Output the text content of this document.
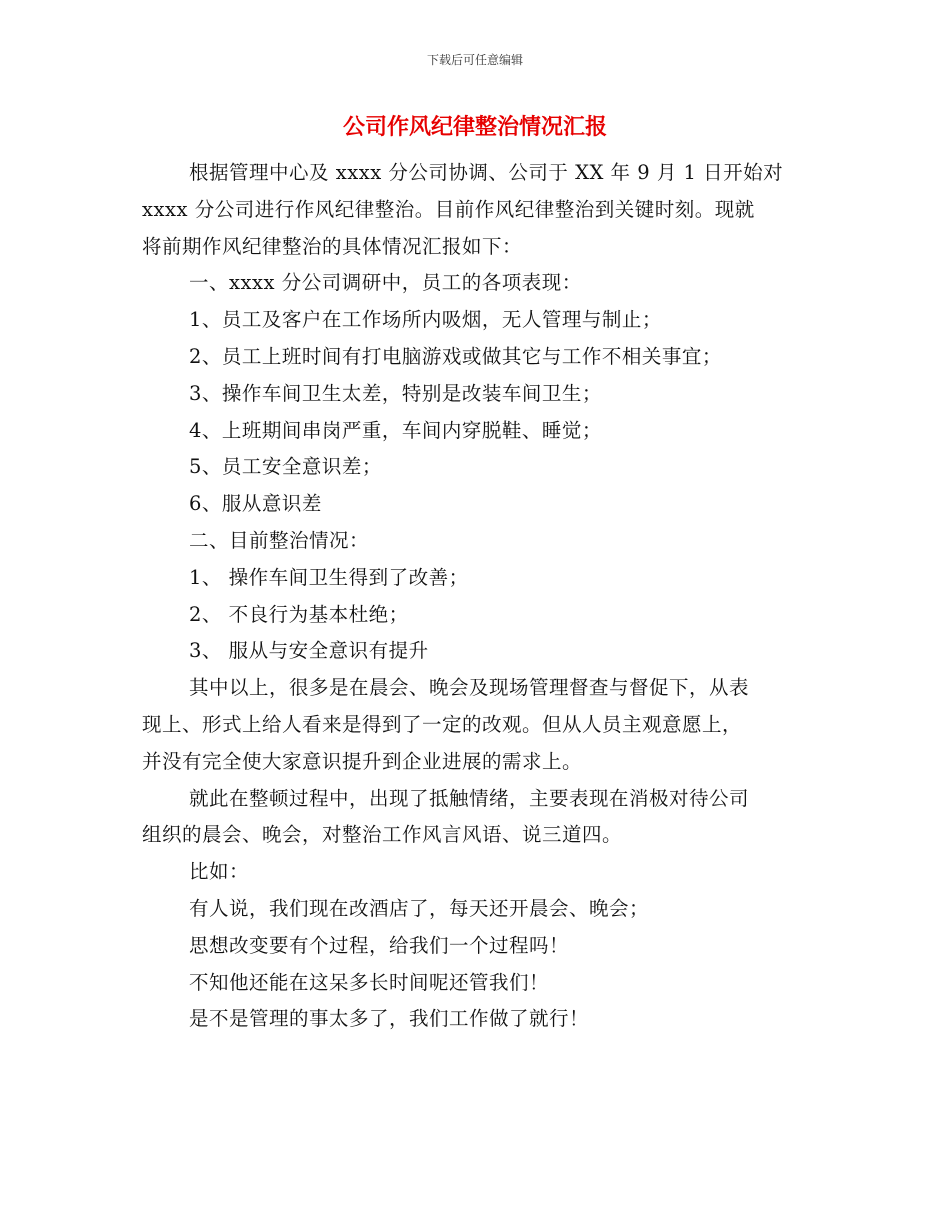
下载后可任意编辑
公司作风纪律整治情况汇报

根据管理中心及 xxxx 分公司协调、公司于 XX 年 9 月 1 日开始对

xxxx 分公司进行作风纪律整治。目前作风纪律整治到关键时刻。现就

将前期作风纪律整治的具体情况汇报如下：

一、xxxx 分公司调研中，员工的各项表现：

1、员工及客户在工作场所内吸烟，无人管理与制止；

2、员工上班时间有打电脑游戏或做其它与工作不相关事宜；

3、操作车间卫生太差，特别是改装车间卫生；

4、上班期间串岗严重，车间内穿脱鞋、睡觉；

5、员工安全意识差；

6、服从意识差

二、目前整治情况：

1、 操作车间卫生得到了改善；

2、 不良行为基本杜绝；

3、 服从与安全意识有提升

其中以上，很多是在晨会、晚会及现场管理督查与督促下，从表

现上、形式上给人看来是得到了一定的改观。但从人员主观意愿上，

并没有完全使大家意识提升到企业进展的需求上。

就此在整顿过程中，出现了抵触情绪，主要表现在消极对待公司

组织的晨会、晚会，对整治工作风言风语、说三道四。

比如：

有人说，我们现在改酒店了，每天还开晨会、晚会；

思想改变要有个过程，给我们一个过程吗！

不知他还能在这呆多长时间呢还管我们！

是不是管理的事太多了，我们工作做了就行！
